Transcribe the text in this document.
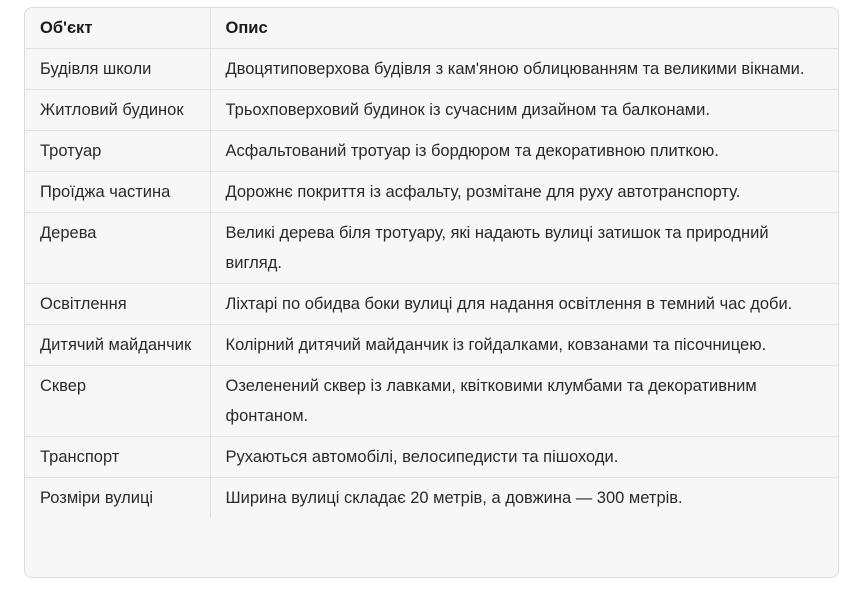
Об'єкт	Опис
Будівля школи	Двоцятиповерхова будівля з кам'яною облицюванням та великими вікнами.
Житловий будинок	Трьохповерховий будинок із сучасним дизайном та балконами.
Тротуар	Асфальтований тротуар із бордюром та декоративною плиткою.
Проїджа частина	Дорожнє покриття із асфальту, розмітане для руху автотранспорту.
Дерева	Великі дерева біля тротуару, які надають вулиці затишок та природний вигляд.
Освітлення	Ліхтарі по обидва боки вулиці для надання освітлення в темний час доби.
Дитячий майданчик	Колірний дитячий майданчик із гойдалками, ковзанами та пісочницею.
Сквер	Озеленений сквер із лавками, квітковими клумбами та декоративним фонтаном.
Транспорт	Рухаються автомобілі, велосипедисти та пішоходи.
Розміри вулиці	Ширина вулиці складає 20 метрів, а довжина — 300 метрів.
